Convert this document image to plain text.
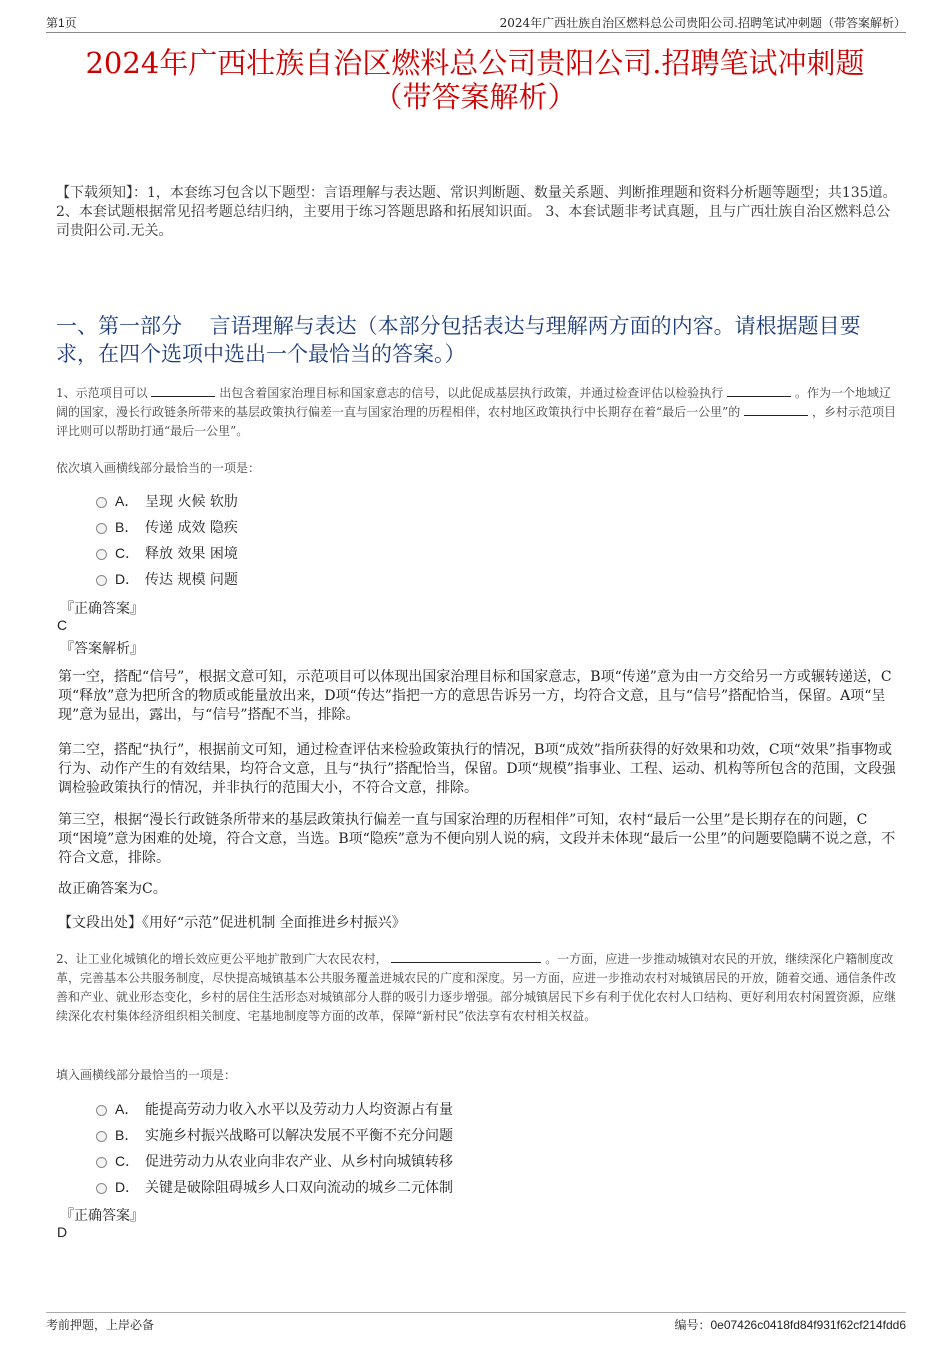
第1页	2024年广西壮族自治区燃料总公司贵阳公司.招聘笔试冲刺题（带答案解析）
2024年广西壮族自治区燃料总公司贵阳公司.招聘笔试冲刺题
（带答案解析）
【下载须知】：1，本套练习包含以下题型：言语理解与表达题、常识判断题、数量关系题、判断推理题和资料分析题等题型；共135道。 2、本套试题根据常见招考题总结归纳，主要用于练习答题思路和拓展知识面。 3、本套试题非考试真题，且与广西壮族自治区燃料总公司贵阳公司.无关。
一、第一部分　 言语理解与表达（本部分包括表达与理解两方面的内容。请根据题目要求，在四个选项中选出一个最恰当的答案。）
1、示范项目可以	出包含着国家治理目标和国家意志的信号，以此促成基层执行政策，并通过检查评估以检验执行	。作为一个地域辽阔的国家，漫长行政链条所带来的基层政策执行偏差一直与国家治理的历程相伴，农村地区政策执行中长期存在着“最后一公里”的	，乡村示范项目评比则可以帮助打通“最后一公里”。
依次填入画横线部分最恰当的一项是：
A． 呈现 火候 软肋
B． 传递 成效 隐疾
C． 释放 效果 困境
D． 传达 规模 问题
『正确答案』
C
『答案解析』
第一空，搭配“信号”，根据文意可知，示范项目可以体现出国家治理目标和国家意志，B项“传递”意为由一方交给另一方或辗转递送，C项“释放”意为把所含的物质或能量放出来，D项“传达”指把一方的意思告诉另一方，均符合文意，且与“信号”搭配恰当，保留。A项“呈现”意为显出，露出，与“信号”搭配不当，排除。
第二空，搭配“执行”，根据前文可知，通过检查评估来检验政策执行的情况，B项“成效”指所获得的好效果和功效，C项“效果”指事物或行为、动作产生的有效结果，均符合文意，且与“执行”搭配恰当，保留。D项“规模”指事业、工程、运动、机构等所包含的范围，文段强调检验政策执行的情况，并非执行的范围大小，不符合文意，排除。
第三空，根据“漫长行政链条所带来的基层政策执行偏差一直与国家治理的历程相伴”可知，农村“最后一公里”是长期存在的问题，C项“困境”意为困难的处境，符合文意，当选。B项“隐疾”意为不便向别人说的病，文段并未体现“最后一公里”的问题要隐瞒不说之意，不符合文意，排除。
故正确答案为C。
【文段出处】《用好“示范”促进机制 全面推进乡村振兴》
2、让工业化城镇化的增长效应更公平地扩散到广大农民农村，	。一方面，应进一步推动城镇对农民的开放，继续深化户籍制度改革，完善基本公共服务制度，尽快提高城镇基本公共服务覆盖进城农民的广度和深度。另一方面，应进一步推动农村对城镇居民的开放，随着交通、通信条件改善和产业、就业形态变化，乡村的居住生活形态对城镇部分人群的吸引力逐步增强。部分城镇居民下乡有利于优化农村人口结构、更好利用农村闲置资源，应继续深化农村集体经济组织相关制度、宅基地制度等方面的改革，保障“新村民”依法享有农村相关权益。
填入画横线部分最恰当的一项是：
A． 能提高劳动力收入水平以及劳动力人均资源占有量
B． 实施乡村振兴战略可以解决发展不平衡不充分问题
C． 促进劳动力从农业向非农产业、从乡村向城镇转移
D． 关键是破除阻碍城乡人口双向流动的城乡二元体制
『正确答案』
D
考前押题，上岸必备	编号：0e07426c0418fd84f931f62cf214fdd6
